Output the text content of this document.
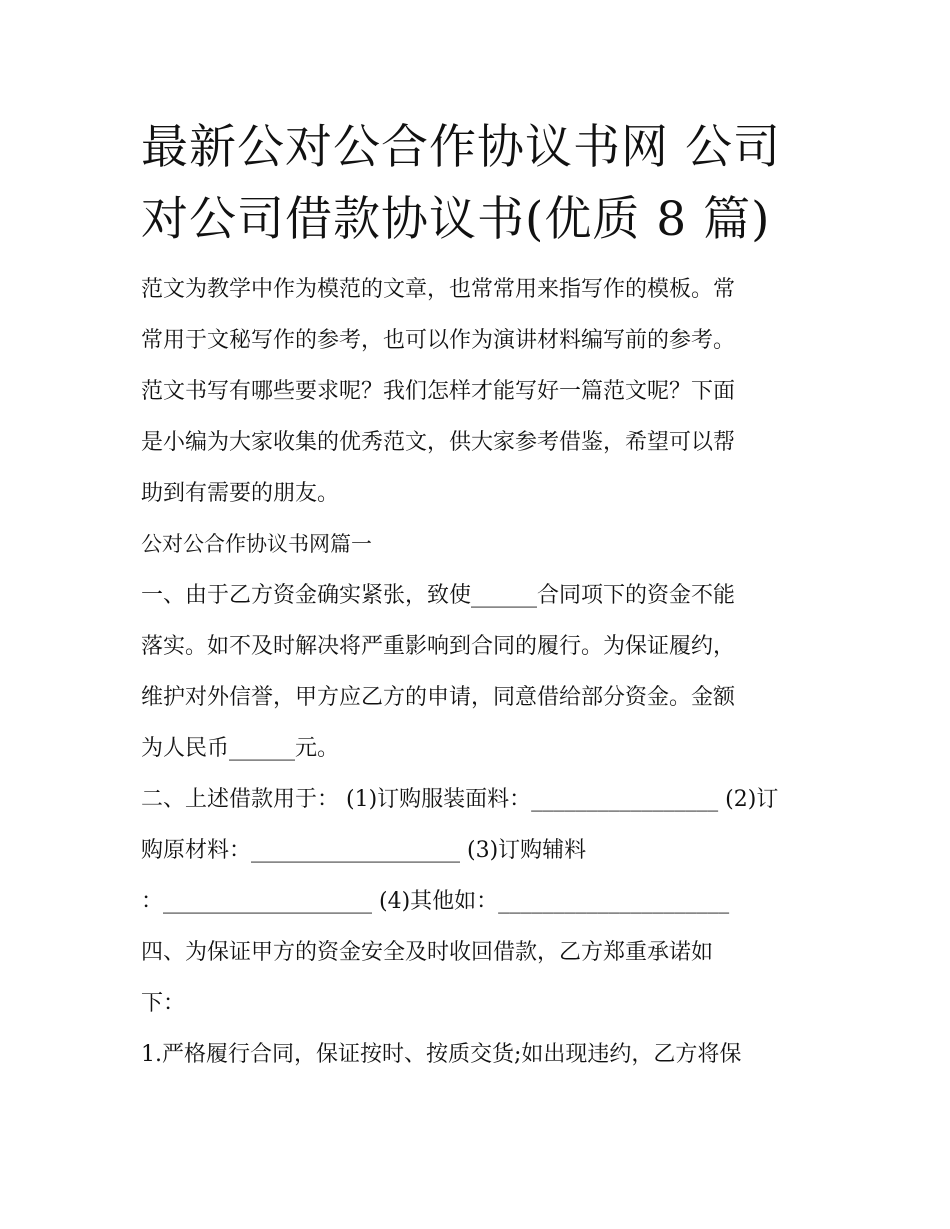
最新公对公合作协议书网 公司
对公司借款协议书(优质 8 篇)

范文为教学中作为模范的文章，也常常用来指写作的模板。常

常用于文秘写作的参考，也可以作为演讲材料编写前的参考。

范文书写有哪些要求呢？我们怎样才能写好一篇范文呢？下面

是小编为大家收集的优秀范文，供大家参考借鉴，希望可以帮

助到有需要的朋友。

公对公合作协议书网篇一

一、由于乙方资金确实紧张，致使______合同项下的资金不能

落实。如不及时解决将严重影响到合同的履行。为保证履约，

维护对外信誉，甲方应乙方的申请，同意借给部分资金。金额

为人民币______元。

二、上述借款用于： (1)订购服装面料：_________________ (2)订

购原材料：___________________ (3)订购辅料

：___________________ (4)其他如：_____________________

四、为保证甲方的资金安全及时收回借款，乙方郑重承诺如

下：

1.严格履行合同，保证按时、按质交货;如出现违约，乙方将保
